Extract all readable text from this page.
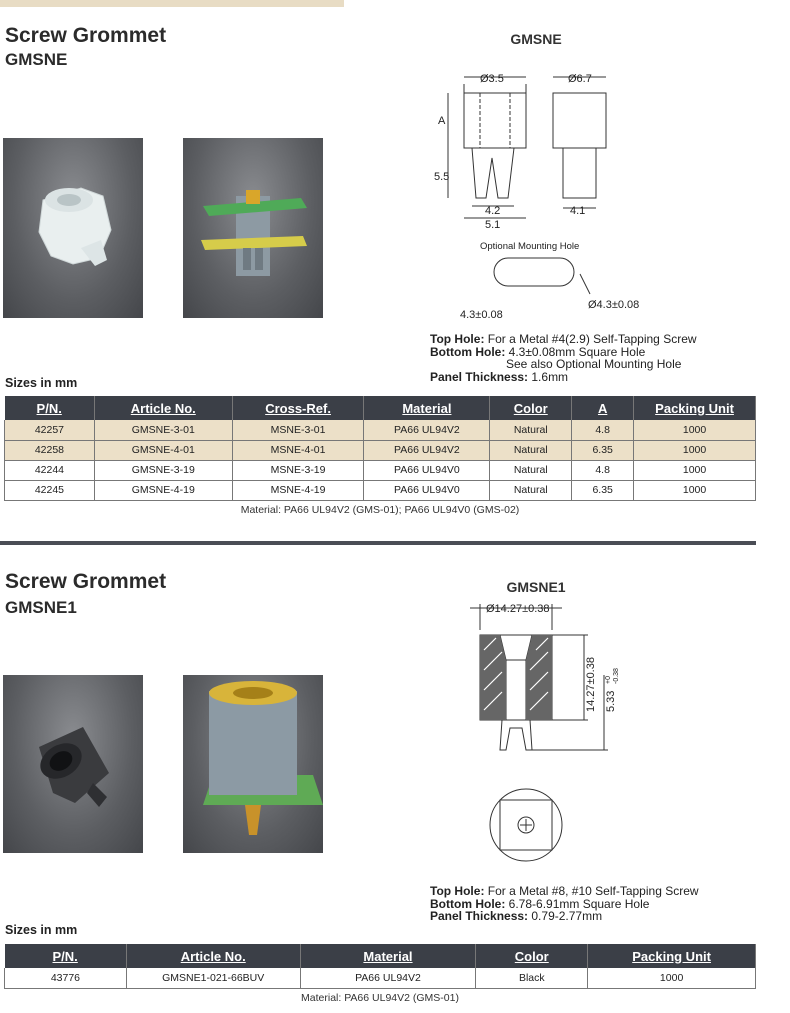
Screw Grommet
GMSNE
GMSNE
Ø3.5	Ø6.7
A
5.5
4.2
5.1
4.1
Optional Mounting Hole
4.3±0.08
Ø4.3±0.08
Top Hole: For a Metal #4(2.9) Self-Tapping Screw
Bottom Hole: 4.3±0.08mm Square Hole
See also Optional Mounting Hole
Panel Thickness: 1.6mm
Sizes in mm
P/N.	Article No.	Cross-Ref.	Material	Color	A	Packing Unit
42257	GMSNE-3-01	MSNE-3-01	PA66 UL94V2	Natural	4.8	1000
42258	GMSNE-4-01	MSNE-4-01	PA66 UL94V2	Natural	6.35	1000
42244	GMSNE-3-19	MSNE-3-19	PA66 UL94V0	Natural	4.8	1000
42245	GMSNE-4-19	MSNE-4-19	PA66 UL94V0	Natural	6.35	1000
Material: PA66 UL94V2 (GMS-01); PA66 UL94V0 (GMS-02)
Screw Grommet
GMSNE1
GMSNE1
Ø14.27±0.38
14.27±0.38 5.33
+0 -0.38
Top Hole: For a Metal #8, #10 Self-Tapping Screw
Bottom Hole: 6.78-6.91mm Square Hole
Panel Thickness: 0.79-2.77mm
Sizes in mm
P/N.	Article No.	Material	Color	Packing Unit
43776	GMSNE1-021-66BUV	PA66 UL94V2	Black	1000
Material: PA66 UL94V2 (GMS-01)
